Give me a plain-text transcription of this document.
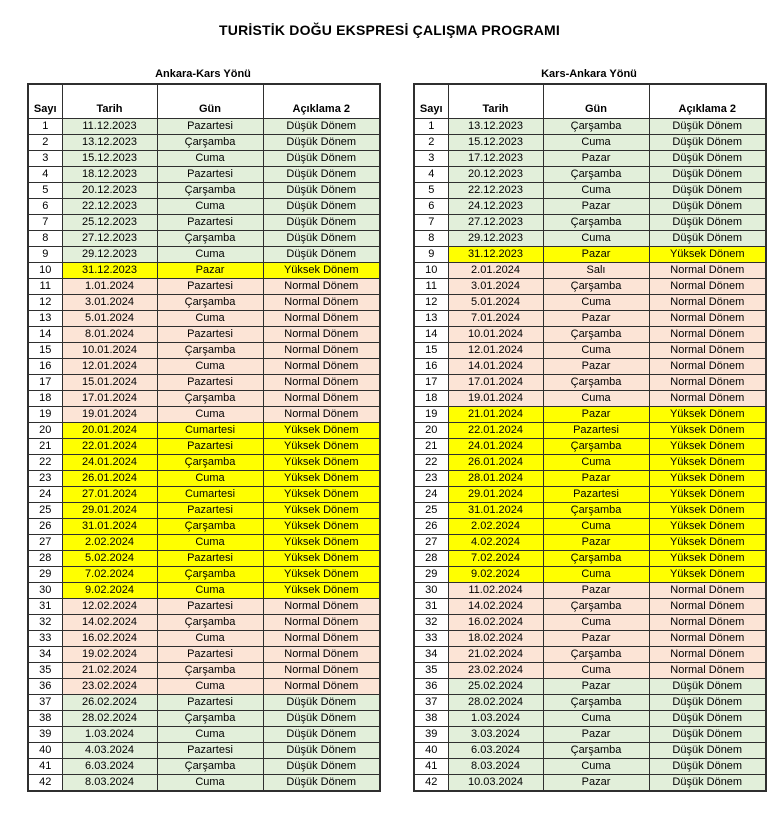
TURİSTİK DOĞU EKSPRESİ ÇALIŞMA PROGRAMI
Ankara-Kars Yönü
Sayı	Tarih	Gün	Açıklama 2
1	11.12.2023	Pazartesi	Düşük Dönem
2	13.12.2023	Çarşamba	Düşük Dönem
3	15.12.2023	Cuma	Düşük Dönem
4	18.12.2023	Pazartesi	Düşük Dönem
5	20.12.2023	Çarşamba	Düşük Dönem
6	22.12.2023	Cuma	Düşük Dönem
7	25.12.2023	Pazartesi	Düşük Dönem
8	27.12.2023	Çarşamba	Düşük Dönem
9	29.12.2023	Cuma	Düşük Dönem
10	31.12.2023	Pazar	Yüksek Dönem
11	1.01.2024	Pazartesi	Normal Dönem
12	3.01.2024	Çarşamba	Normal Dönem
13	5.01.2024	Cuma	Normal Dönem
14	8.01.2024	Pazartesi	Normal Dönem
15	10.01.2024	Çarşamba	Normal Dönem
16	12.01.2024	Cuma	Normal Dönem
17	15.01.2024	Pazartesi	Normal Dönem
18	17.01.2024	Çarşamba	Normal Dönem
19	19.01.2024	Cuma	Normal Dönem
20	20.01.2024	Cumartesi	Yüksek Dönem
21	22.01.2024	Pazartesi	Yüksek Dönem
22	24.01.2024	Çarşamba	Yüksek Dönem
23	26.01.2024	Cuma	Yüksek Dönem
24	27.01.2024	Cumartesi	Yüksek Dönem
25	29.01.2024	Pazartesi	Yüksek Dönem
26	31.01.2024	Çarşamba	Yüksek Dönem
27	2.02.2024	Cuma	Yüksek Dönem
28	5.02.2024	Pazartesi	Yüksek Dönem
29	7.02.2024	Çarşamba	Yüksek Dönem
30	9.02.2024	Cuma	Yüksek Dönem
31	12.02.2024	Pazartesi	Normal Dönem
32	14.02.2024	Çarşamba	Normal Dönem
33	16.02.2024	Cuma	Normal Dönem
34	19.02.2024	Pazartesi	Normal Dönem
35	21.02.2024	Çarşamba	Normal Dönem
36	23.02.2024	Cuma	Normal Dönem
37	26.02.2024	Pazartesi	Düşük Dönem
38	28.02.2024	Çarşamba	Düşük Dönem
39	1.03.2024	Cuma	Düşük Dönem
40	4.03.2024	Pazartesi	Düşük Dönem
41	6.03.2024	Çarşamba	Düşük Dönem
42	8.03.2024	Cuma	Düşük Dönem
Kars-Ankara Yönü
Sayı	Tarih	Gün	Açıklama 2
1	13.12.2023	Çarşamba	Düşük Dönem
2	15.12.2023	Cuma	Düşük Dönem
3	17.12.2023	Pazar	Düşük Dönem
4	20.12.2023	Çarşamba	Düşük Dönem
5	22.12.2023	Cuma	Düşük Dönem
6	24.12.2023	Pazar	Düşük Dönem
7	27.12.2023	Çarşamba	Düşük Dönem
8	29.12.2023	Cuma	Düşük Dönem
9	31.12.2023	Pazar	Yüksek Dönem
10	2.01.2024	Salı	Normal Dönem
11	3.01.2024	Çarşamba	Normal Dönem
12	5.01.2024	Cuma	Normal Dönem
13	7.01.2024	Pazar	Normal Dönem
14	10.01.2024	Çarşamba	Normal Dönem
15	12.01.2024	Cuma	Normal Dönem
16	14.01.2024	Pazar	Normal Dönem
17	17.01.2024	Çarşamba	Normal Dönem
18	19.01.2024	Cuma	Normal Dönem
19	21.01.2024	Pazar	Yüksek Dönem
20	22.01.2024	Pazartesi	Yüksek Dönem
21	24.01.2024	Çarşamba	Yüksek Dönem
22	26.01.2024	Cuma	Yüksek Dönem
23	28.01.2024	Pazar	Yüksek Dönem
24	29.01.2024	Pazartesi	Yüksek Dönem
25	31.01.2024	Çarşamba	Yüksek Dönem
26	2.02.2024	Cuma	Yüksek Dönem
27	4.02.2024	Pazar	Yüksek Dönem
28	7.02.2024	Çarşamba	Yüksek Dönem
29	9.02.2024	Cuma	Yüksek Dönem
30	11.02.2024	Pazar	Normal Dönem
31	14.02.2024	Çarşamba	Normal Dönem
32	16.02.2024	Cuma	Normal Dönem
33	18.02.2024	Pazar	Normal Dönem
34	21.02.2024	Çarşamba	Normal Dönem
35	23.02.2024	Cuma	Normal Dönem
36	25.02.2024	Pazar	Düşük Dönem
37	28.02.2024	Çarşamba	Düşük Dönem
38	1.03.2024	Cuma	Düşük Dönem
39	3.03.2024	Pazar	Düşük Dönem
40	6.03.2024	Çarşamba	Düşük Dönem
41	8.03.2024	Cuma	Düşük Dönem
42	10.03.2024	Pazar	Düşük Dönem
